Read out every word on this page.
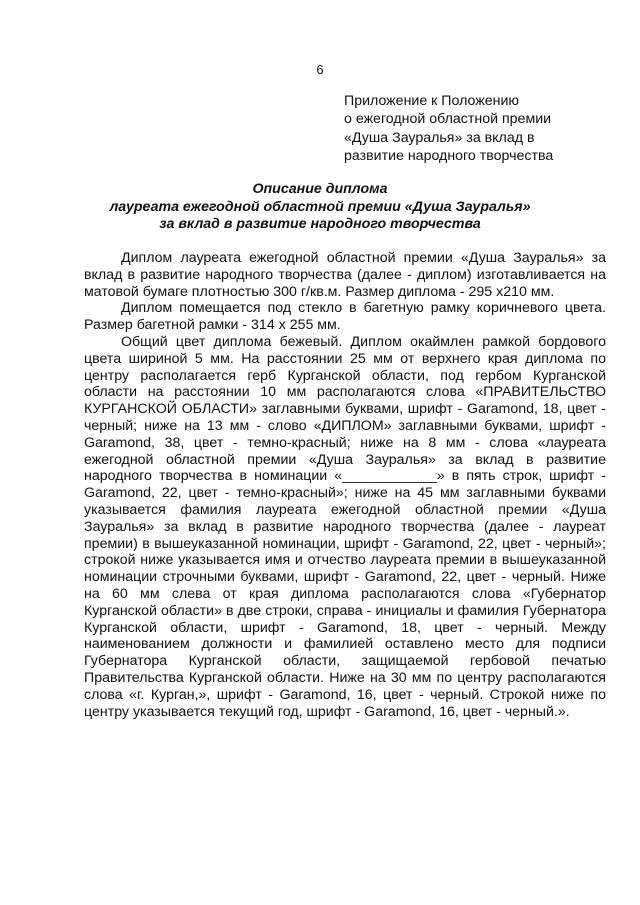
6
Приложение к Положению
о ежегодной областной премии
«Душа Зауралья» за вклад в
развитие народного творчества
Описание диплома
лауреата ежегодной областной премии «Душа Зауралья»
за вклад в развитие народного творчества

Диплом лауреата ежегодной областной премии «Душа Зауралья» за вклад в развитие народного творчества (далее - диплом) изготавливается на матовой бумаге плотностью 300 г/кв.м. Размер диплома - 295 x210 мм.

Диплом помещается под стекло в багетную рамку коричневого цвета. Размер багетной рамки - 314 x 255 мм.

Общий цвет диплома бежевый. Диплом окаймлен рамкой бордового цвета шириной 5 мм. На расстоянии 25 мм от верхнего края диплома по центру располагается герб Курганской области, под гербом Курганской области на расстоянии 10 мм располагаются слова «ПРАВИТЕЛЬСТВО КУРГАНСКОЙ ОБЛАСТИ» заглавными буквами, шрифт - Garamond, 18, цвет - черный; ниже на 13 мм - слово «ДИПЛОМ» заглавными буквами, шрифт - Garamond, 38, цвет - темно-красный; ниже на 8 мм - слова «лауреата ежегодной областной премии «Душа Зауралья» за вклад в развитие народного творчества в номинации «____________» в пять строк, шрифт - Garamond, 22, цвет - темно-красный»; ниже на 45 мм заглавными буквами указывается фамилия лауреата ежегодной областной премии «Душа Зауралья» за вклад в развитие народного творчества (далее - лауреат премии) в вышеуказанной номинации, шрифт - Garamond, 22, цвет - черный»; строкой ниже указывается имя и отчество лауреата премии в вышеуказанной номинации строчными буквами, шрифт - Garamond, 22, цвет - черный. Ниже на 60 мм слева от края диплома располагаются слова «Губернатор Курганской области» в две строки, справа - инициалы и фамилия Губернатора Курганской области, шрифт - Garamond, 18, цвет - черный. Между наименованием должности и фамилией оставлено место для подписи Губернатора Курганской области, защищаемой гербовой печатью Правительства Курганской области. Ниже на 30 мм по центру располагаются слова «г. Курган,», шрифт - Garamond, 16, цвет - черный. Строкой ниже по центру указывается текущий год, шрифт - Garamond, 16, цвет - черный.».
